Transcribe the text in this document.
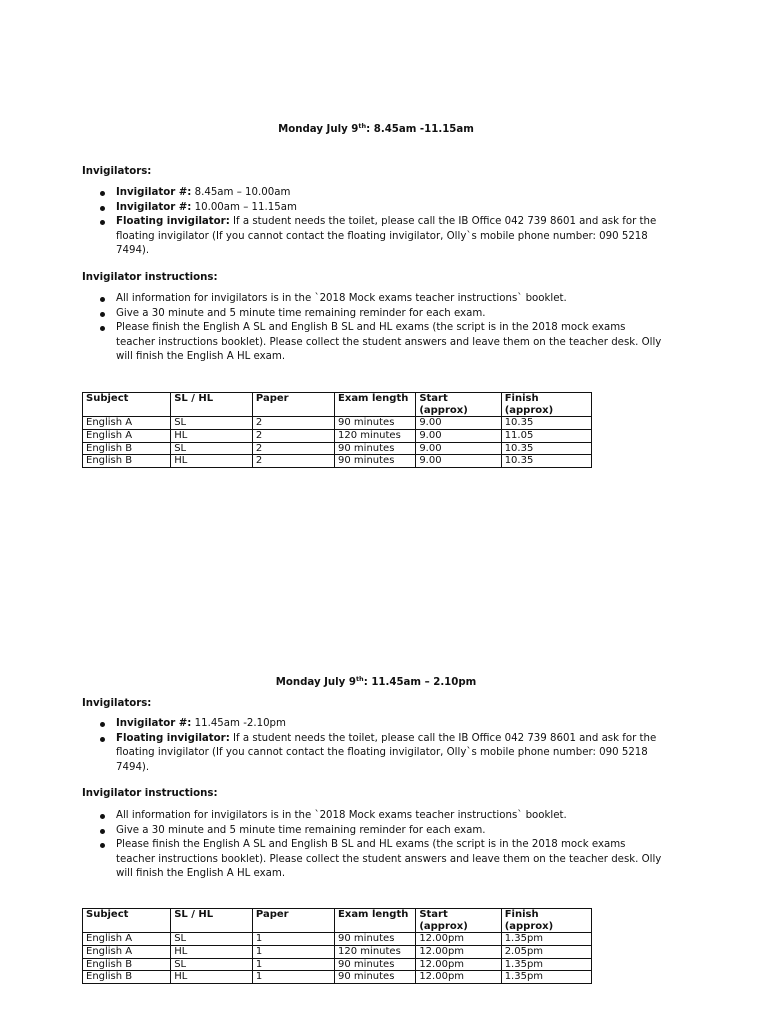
Monday July 9th: 8.45am -11.15am
Invigilators:
Invigilator #: 8.45am – 10.00am
Invigilator #: 10.00am – 11.15am
Floating invigilator: If a student needs the toilet, please call the IB Office 042 739 8601 and ask for the floating invigilator (If you cannot contact the floating invigilator, Olly`s mobile phone number: 090 5218 7494).
Invigilator instructions:
All information for invigilators is in the `2018 Mock exams teacher instructions` booklet.
Give a 30 minute and 5 minute time remaining reminder for each exam.
Please finish the English A SL and English B SL and HL exams (the script is in the 2018 mock exams teacher instructions booklet). Please collect the student answers and leave them on the teacher desk. Olly will finish the English A HL exam.
Subject	SL / HL	Paper	Exam length	Start (approx)	Finish (approx)
English A	SL	2	90 minutes	9.00	10.35
English A	HL	2	120 minutes	9.00	11.05
English B	SL	2	90 minutes	9.00	10.35
English B	HL	2	90 minutes	9.00	10.35
Monday July 9th: 11.45am – 2.10pm
Invigilators:
Invigilator #: 11.45am -2.10pm
Floating invigilator: If a student needs the toilet, please call the IB Office 042 739 8601 and ask for the floating invigilator (If you cannot contact the floating invigilator, Olly`s mobile phone number: 090 5218 7494).
Invigilator instructions:
All information for invigilators is in the `2018 Mock exams teacher instructions` booklet.
Give a 30 minute and 5 minute time remaining reminder for each exam.
Please finish the English A SL and English B SL and HL exams (the script is in the 2018 mock exams teacher instructions booklet). Please collect the student answers and leave them on the teacher desk. Olly will finish the English A HL exam.
Subject	SL / HL	Paper	Exam length	Start (approx)	Finish (approx)
English A	SL	1	90 minutes	12.00pm	1.35pm
English A	HL	1	120 minutes	12.00pm	2.05pm
English B	SL	1	90 minutes	12.00pm	1.35pm
English B	HL	1	90 minutes	12.00pm	1.35pm
